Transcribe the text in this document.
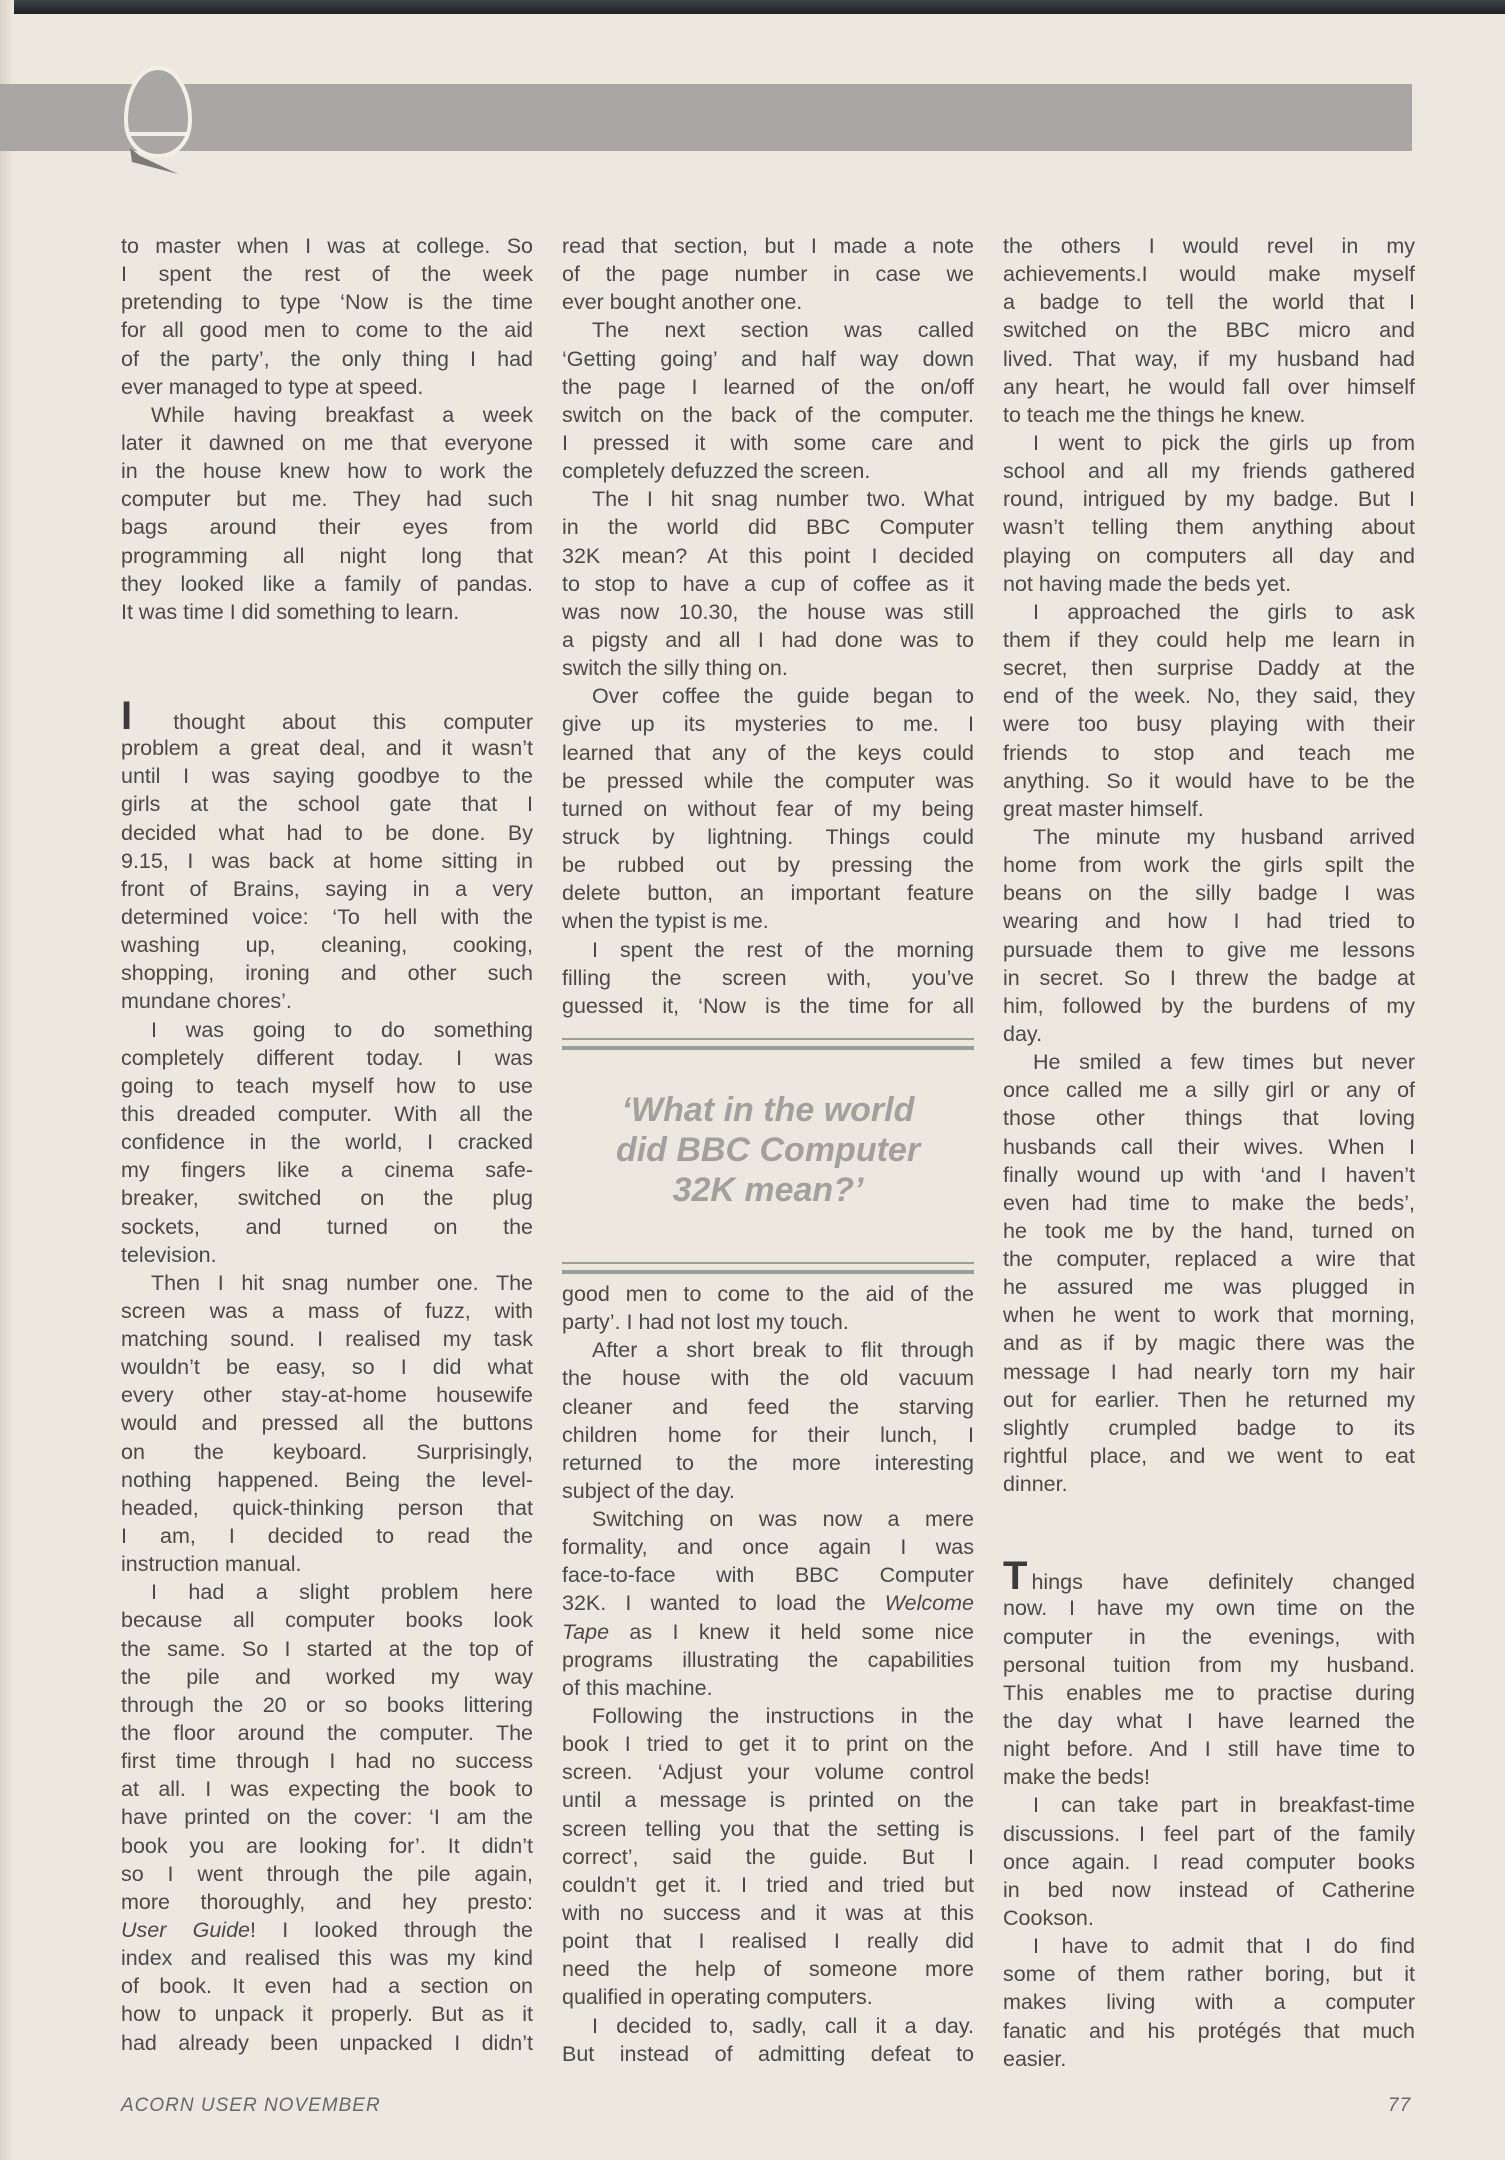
to master when I was at college. So
I spent the rest of the week
pretending to type ‘Now is the time
for all good men to come to the aid
of the party’, the only thing I had
ever managed to type at speed.
While having breakfast a week
later it dawned on me that everyone
in the house knew how to work the
computer but me. They had such
bags around their eyes from
programming all night long that
they looked like a family of pandas.
It was time I did something to learn.
I thought about this computer
problem a great deal, and it wasn’t
until I was saying goodbye to the
girls at the school gate that I
decided what had to be done. By
9.15, I was back at home sitting in
front of Brains, saying in a very
determined voice: ‘To hell with the
washing up, cleaning, cooking,
shopping, ironing and other such
mundane chores’.
I was going to do something
completely different today. I was
going to teach myself how to use
this dreaded computer. With all the
confidence in the world, I cracked
my fingers like a cinema safe-
breaker, switched on the plug
sockets, and turned on the
television.
Then I hit snag number one. The
screen was a mass of fuzz, with
matching sound. I realised my task
wouldn’t be easy, so I did what
every other stay-at-home housewife
would and pressed all the buttons
on the keyboard. Surprisingly,
nothing happened. Being the level-
headed, quick-thinking person that
I am, I decided to read the
instruction manual.
I had a slight problem here
because all computer books look
the same. So I started at the top of
the pile and worked my way
through the 20 or so books littering
the floor around the computer. The
first time through I had no success
at all. I was expecting the book to
have printed on the cover: ‘I am the
book you are looking for’. It didn’t
so I went through the pile again,
more thoroughly, and hey presto:
User Guide! I looked through the
index and realised this was my kind
of book. It even had a section on
how to unpack it properly. But as it
had already been unpacked I didn’t
read that section, but I made a note
of the page number in case we
ever bought another one.
The next section was called
‘Getting going’ and half way down
the page I learned of the on/off
switch on the back of the computer.
I pressed it with some care and
completely defuzzed the screen.
The I hit snag number two. What
in the world did BBC Computer
32K mean? At this point I decided
to stop to have a cup of coffee as it
was now 10.30, the house was still
a pigsty and all I had done was to
switch the silly thing on.
Over coffee the guide began to
give up its mysteries to me. I
learned that any of the keys could
be pressed while the computer was
turned on without fear of my being
struck by lightning. Things could
be rubbed out by pressing the
delete button, an important feature
when the typist is me.
I spent the rest of the morning
filling the screen with, you’ve
guessed it, ‘Now is the time for all
‘What in the world
did BBC Computer
32K mean?’
good men to come to the aid of the
party’. I had not lost my touch.
After a short break to flit through
the house with the old vacuum
cleaner and feed the starving
children home for their lunch, I
returned to the more interesting
subject of the day.
Switching on was now a mere
formality, and once again I was
face-to-face with BBC Computer
32K. I wanted to load the Welcome
Tape as I knew it held some nice
programs illustrating the capabilities
of this machine.
Following the instructions in the
book I tried to get it to print on the
screen. ‘Adjust your volume control
until a message is printed on the
screen telling you that the setting is
correct’, said the guide. But I
couldn’t get it. I tried and tried but
with no success and it was at this
point that I realised I really did
need the help of someone more
qualified in operating computers.
I decided to, sadly, call it a day.
But instead of admitting defeat to
the others I would revel in my
achievements.I would make myself
a badge to tell the world that I
switched on the BBC micro and
lived. That way, if my husband had
any heart, he would fall over himself
to teach me the things he knew.
I went to pick the girls up from
school and all my friends gathered
round, intrigued by my badge. But I
wasn’t telling them anything about
playing on computers all day and
not having made the beds yet.
I approached the girls to ask
them if they could help me learn in
secret, then surprise Daddy at the
end of the week. No, they said, they
were too busy playing with their
friends to stop and teach me
anything. So it would have to be the
great master himself.
The minute my husband arrived
home from work the girls spilt the
beans on the silly badge I was
wearing and how I had tried to
pursuade them to give me lessons
in secret. So I threw the badge at
him, followed by the burdens of my
day.
He smiled a few times but never
once called me a silly girl or any of
those other things that loving
husbands call their wives. When I
finally wound up with ‘and I haven’t
even had time to make the beds’,
he took me by the hand, turned on
the computer, replaced a wire that
he assured me was plugged in
when he went to work that morning,
and as if by magic there was the
message I had nearly torn my hair
out for earlier. Then he returned my
slightly crumpled badge to its
rightful place, and we went to eat
dinner.
Things have definitely changed
now. I have my own time on the
computer in the evenings, with
personal tuition from my husband.
This enables me to practise during
the day what I have learned the
night before. And I still have time to
make the beds!
I can take part in breakfast-time
discussions. I feel part of the family
once again. I read computer books
in bed now instead of Catherine
Cookson.
I have to admit that I do find
some of them rather boring, but it
makes living with a computer
fanatic and his protégés that much
easier.
ACORN USER NOVEMBER	77
